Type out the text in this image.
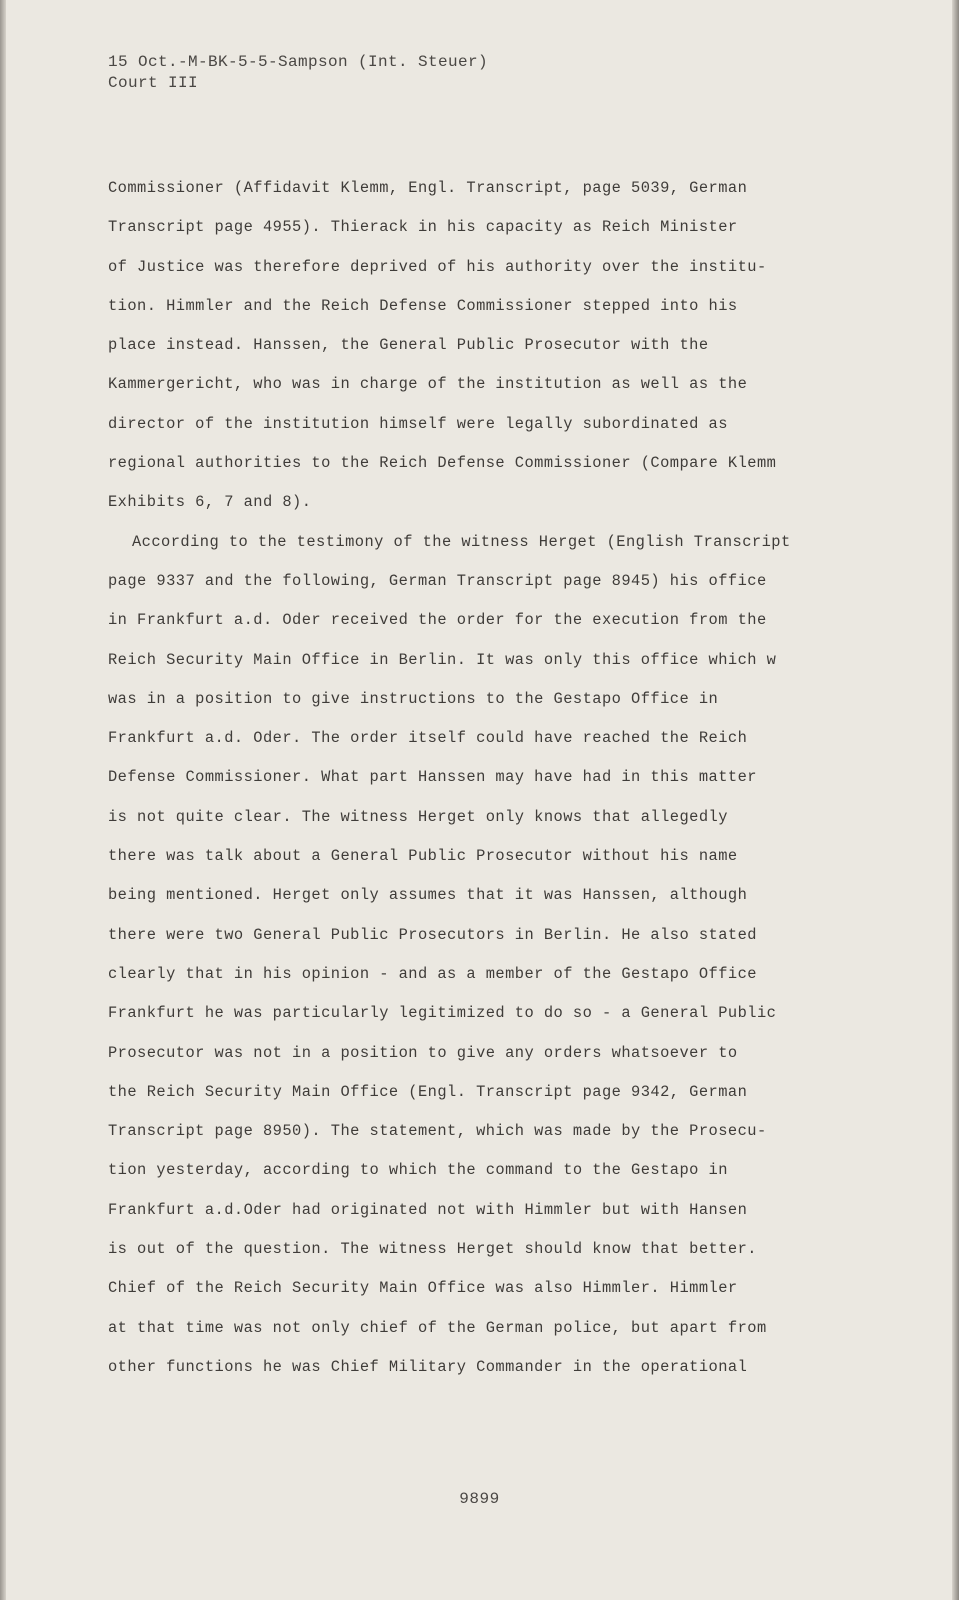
15 Oct.-M-BK-5-5-Sampson (Int. Steuer)
Court III
Commissioner (Affidavit Klemm, Engl. Transcript, page 5039, German
Transcript page 4955). Thierack in his capacity as Reich Minister
of Justice was therefore deprived of his authority over the institu-
tion. Himmler and the Reich Defense Commissioner stepped into his
place instead. Hanssen, the General Public Prosecutor with the
Kammergericht, who was in charge of the institution as well as the
director of the institution himself were legally subordinated as
regional authorities to the Reich Defense Commissioner (Compare Klemm
Exhibits 6, 7 and 8).
According to the testimony of the witness Herget (English Transcript
page 9337 and the following, German Transcript page 8945) his office
in Frankfurt a.d. Oder received the order for the execution from the
Reich Security Main Office in Berlin. It was only this office which w
was in a position to give instructions to the Gestapo Office in
Frankfurt a.d. Oder. The order itself could have reached the Reich
Defense Commissioner. What part Hanssen may have had in this matter
is not quite clear. The witness Herget only knows that allegedly
there was talk about a General Public Prosecutor without his name
being mentioned. Herget only assumes that it was Hanssen, although
there were two General Public Prosecutors in Berlin. He also stated
clearly that in his opinion - and as a member of the Gestapo Office
Frankfurt he was particularly legitimized to do so - a General Public
Prosecutor was not in a position to give any orders whatsoever to
the Reich Security Main Office (Engl. Transcript page 9342, German
Transcript page 8950). The statement, which was made by the Prosecu-
tion yesterday, according to which the command to the Gestapo in
Frankfurt a.d.Oder had originated not with Himmler but with Hansen
is out of the question. The witness Herget should know that better.
Chief of the Reich Security Main Office was also Himmler. Himmler
at that time was not only chief of the German police, but apart from
other functions he was Chief Military Commander in the operational
9899
